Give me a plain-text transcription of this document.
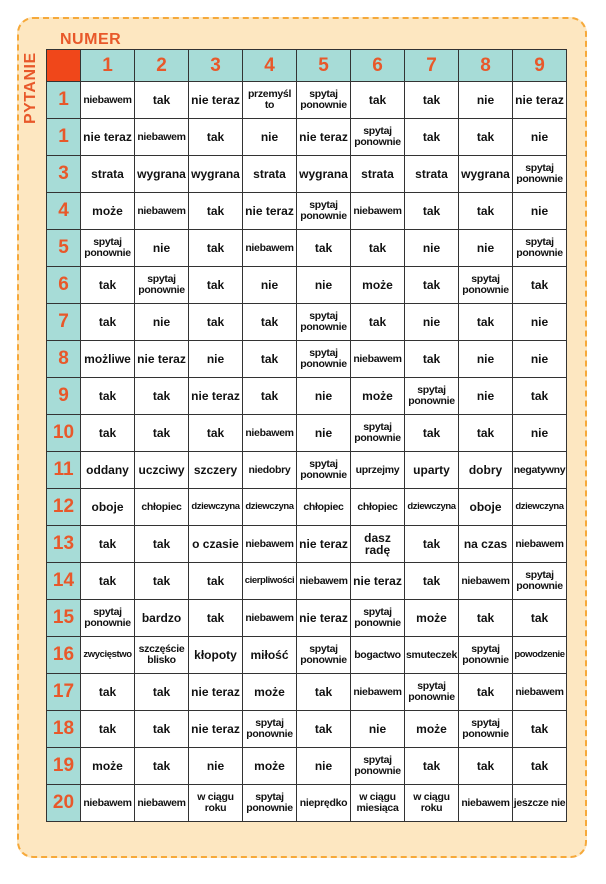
NUMER
	1	2	3	4	5	6	7	8	9
1	niebawem	tak	nie teraz	przemyśl to	spytaj ponownie	tak	tak	nie	nie teraz
1	nie teraz	niebawem	tak	nie	nie teraz	spytaj ponownie	tak	tak	nie
3	strata	wygrana	wygrana	strata	wygrana	strata	strata	wygrana	spytaj ponownie
4	może	niebawem	tak	nie teraz	spytaj ponownie	niebawem	tak	tak	nie
5	spytaj ponownie	nie	tak	niebawem	tak	tak	nie	nie	spytaj ponownie
6	tak	spytaj ponownie	tak	nie	nie	może	tak	spytaj ponownie	tak
7	tak	nie	tak	tak	spytaj ponownie	tak	nie	tak	nie
8	możliwe	nie teraz	nie	tak	spytaj ponownie	niebawem	tak	nie	nie
9	tak	tak	nie teraz	tak	nie	może	spytaj ponownie	nie	tak
10	tak	tak	tak	niebawem	nie	spytaj ponownie	tak	tak	nie
11	oddany	uczciwy	szczery	niedobry	spytaj ponownie	uprzejmy	uparty	dobry	negatywny
12	oboje	chłopiec	dziewczyna	dziewczyna	chłopiec	chłopiec	dziewczyna	oboje	dziewczyna
13	tak	tak	o czasie	niebawem	nie teraz	dasz radę	tak	na czas	niebawem
14	tak	tak	tak	cierpliwości	niebawem	nie teraz	tak	niebawem	spytaj ponownie
15	spytaj ponownie	bardzo	tak	niebawem	nie teraz	spytaj ponownie	może	tak	tak
16	zwycięstwo	szczęście blisko	kłopoty	miłość	spytaj ponownie	bogactwo	smuteczek	spytaj ponownie	powodzenie
17	tak	tak	nie teraz	może	tak	niebawem	spytaj ponownie	tak	niebawem
18	tak	tak	nie teraz	spytaj ponownie	tak	nie	może	spytaj ponownie	tak
19	może	tak	nie	może	nie	spytaj ponownie	tak	tak	tak
20	niebawem	niebawem	w ciągu roku	spytaj ponownie	nieprędko	w ciągu miesiąca	w ciągu roku	niebawem	jeszcze nie
